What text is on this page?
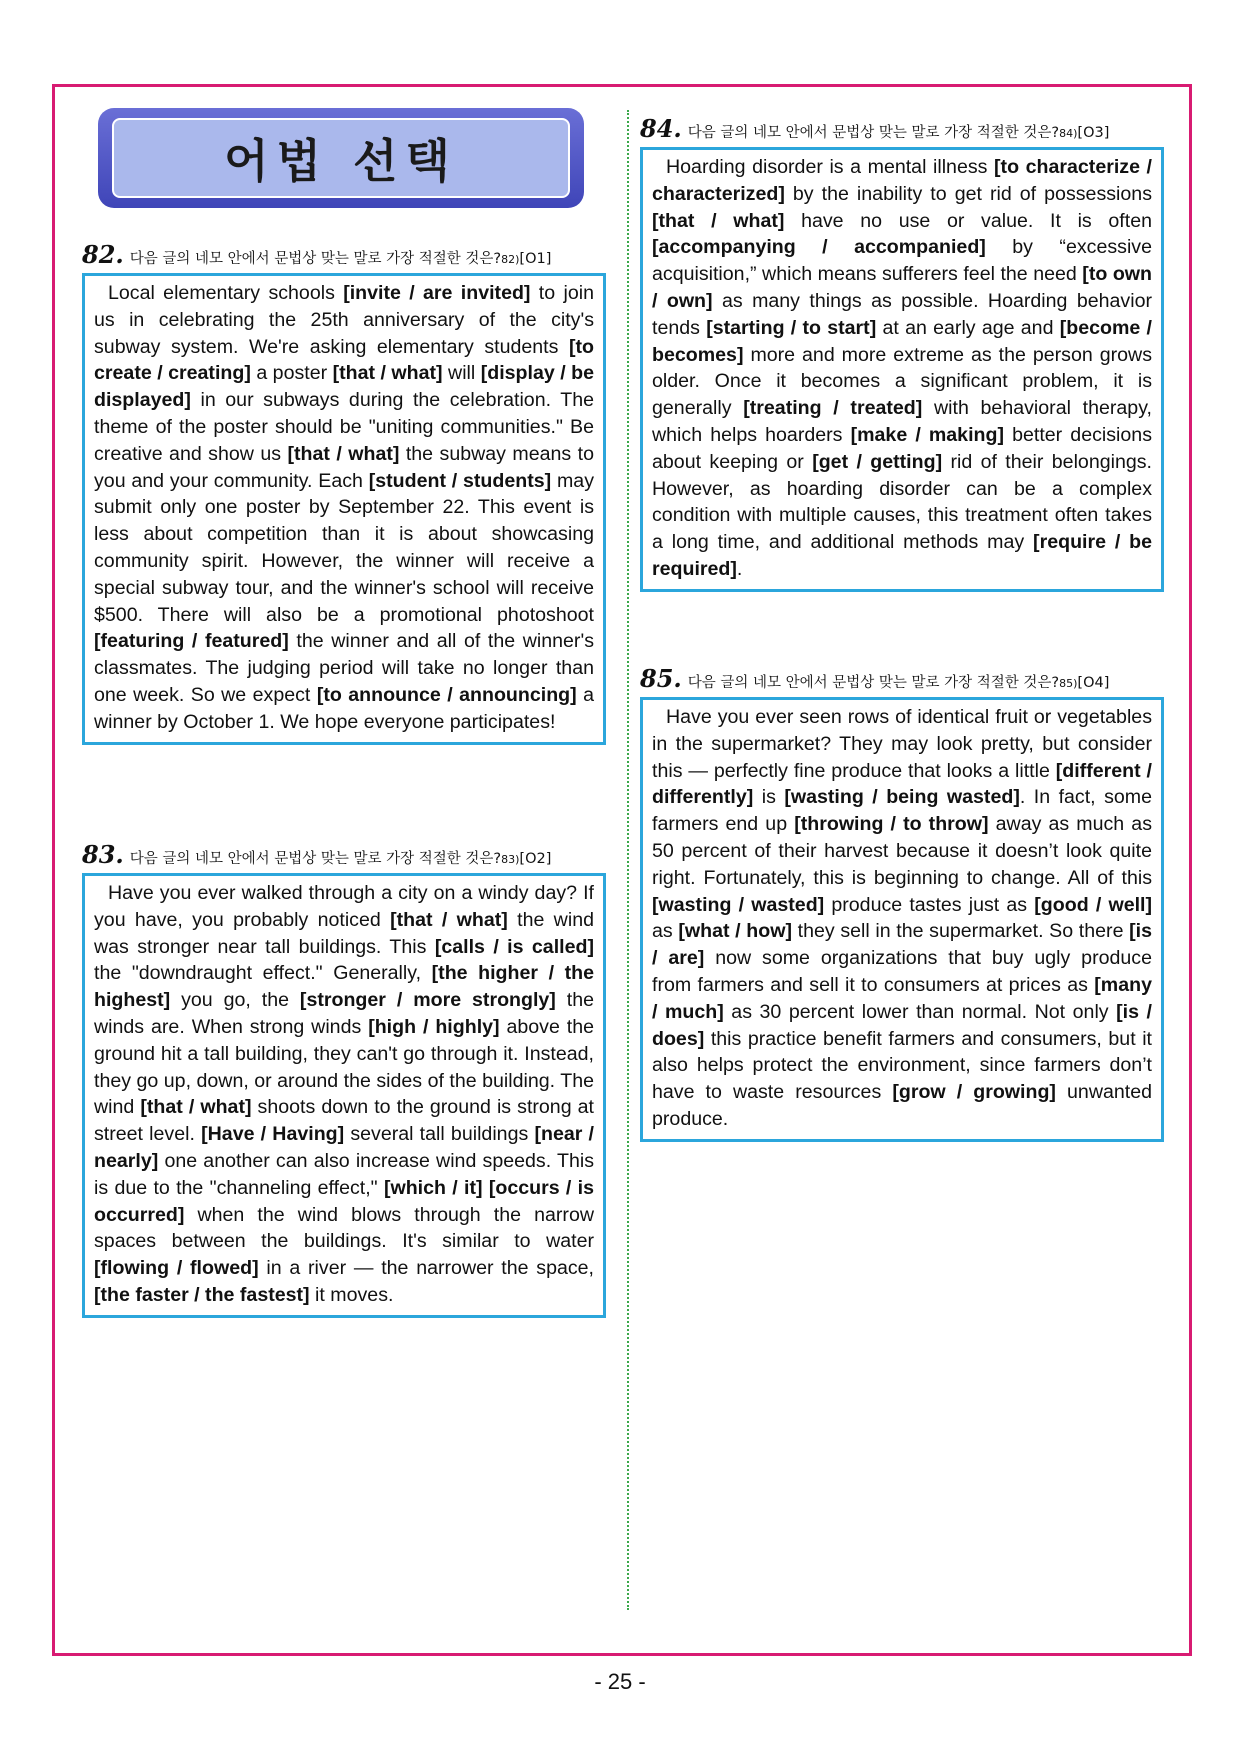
어법 선택
82. 다음 글의 네모 안에서 문법상 맞는 말로 가장 적절한 것은? 82) [O1]
Local elementary schools [invite / are invited] to join us in celebrating the 25th anniversary of the city's subway system. We're asking elementary students [to create / creating] a poster [that / what] will [display / be displayed] in our subways during the celebration. The theme of the poster should be "uniting communities." Be creative and show us [that / what] the subway means to you and your community. Each [student / students] may submit only one poster by September 22. This event is less about competition than it is about showcasing community spirit. However, the winner will receive a special subway tour, and the winner's school will receive $500. There will also be a promotional photoshoot [featuring / featured] the winner and all of the winner's classmates. The judging period will take no longer than one week. So we expect [to announce / announcing] a winner by October 1. We hope everyone participates!
83. 다음 글의 네모 안에서 문법상 맞는 말로 가장 적절한 것은? 83) [O2]
Have you ever walked through a city on a windy day? If you have, you probably noticed [that / what] the wind was stronger near tall buildings. This [calls / is called] the "downdraught effect." Generally, [the higher / the highest] you go, the [stronger / more strongly] the winds are. When strong winds [high / highly] above the ground hit a tall building, they can't go through it. Instead, they go up, down, or around the sides of the building. The wind [that / what] shoots down to the ground is strong at street level. [Have / Having] several tall buildings [near / nearly] one another can also increase wind speeds. This is due to the "channeling effect," [which / it] [occurs / is occurred] when the wind blows through the narrow spaces between the buildings. It's similar to water [flowing / flowed] in a river — the narrower the space, [the faster / the fastest] it moves.
84. 다음 글의 네모 안에서 문법상 맞는 말로 가장 적절한 것은? 84) [O3]
Hoarding disorder is a mental illness [to characterize / characterized] by the inability to get rid of possessions [that / what] have no use or value. It is often [accompanying / accompanied] by “excessive acquisition,” which means sufferers feel the need [to own / own] as many things as possible. Hoarding behavior tends [starting / to start] at an early age and [become / becomes] more and more extreme as the person grows older. Once it becomes a significant problem, it is generally [treating / treated] with behavioral therapy, which helps hoarders [make / making] better decisions about keeping or [get / getting] rid of their belongings. However, as hoarding disorder can be a complex condition with multiple causes, this treatment often takes a long time, and additional methods may [require / be required].
85. 다음 글의 네모 안에서 문법상 맞는 말로 가장 적절한 것은? 85) [O4]
Have you ever seen rows of identical fruit or vegetables in the supermarket? They may look pretty, but consider this — perfectly fine produce that looks a little [different / differently] is [wasting / being wasted]. In fact, some farmers end up [throwing / to throw] away as much as 50 percent of their harvest because it doesn’t look quite right. Fortunately, this is beginning to change. All of this [wasting / wasted] produce tastes just as [good / well] as [what / how] they sell in the supermarket. So there [is / are] now some organizations that buy ugly produce from farmers and sell it to consumers at prices as [many / much] as 30 percent lower than normal. Not only [is / does] this practice benefit farmers and consumers, but it also helps protect the environment, since farmers don’t have to waste resources [grow / growing] unwanted produce.
- 25 -
